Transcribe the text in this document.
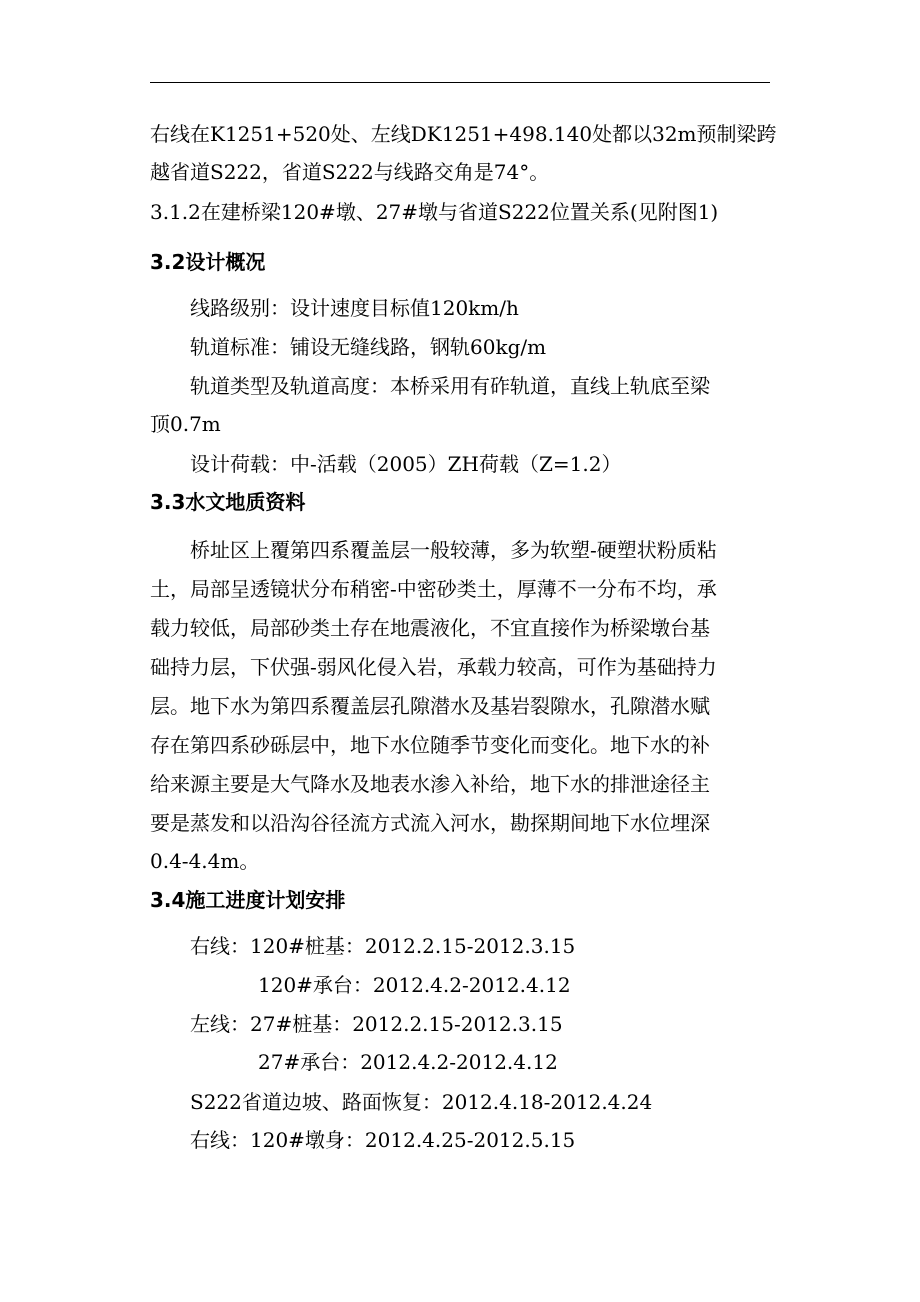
右线在K1251+520处、左线DK1251+498.140处都以32m预制梁跨
越省道S222，省道S222与线路交角是74°。
3.1.2在建桥梁120#墩、27#墩与省道S222位置关系(见附图1)
3.2设计概况
线路级别：设计速度目标值120km/h
轨道标准：铺设无缝线路，钢轨60kg/m
轨道类型及轨道高度：本桥采用有砟轨道，直线上轨底至梁
顶0.7m
设计荷载：中-活载（2005）ZH荷载（Z=1.2）
3.3水文地质资料
桥址区上覆第四系覆盖层一般较薄，多为软塑-硬塑状粉质粘
土，局部呈透镜状分布稍密-中密砂类土，厚薄不一分布不均，承
载力较低，局部砂类土存在地震液化，不宜直接作为桥梁墩台基
础持力层，下伏强-弱风化侵入岩，承载力较高，可作为基础持力
层。地下水为第四系覆盖层孔隙潜水及基岩裂隙水，孔隙潜水赋
存在第四系砂砾层中，地下水位随季节变化而变化。地下水的补
给来源主要是大气降水及地表水渗入补给，地下水的排泄途径主
要是蒸发和以沿沟谷径流方式流入河水，勘探期间地下水位埋深
0.4-4.4m。
3.4施工进度计划安排
右线：120#桩基：2012.2.15-2012.3.15
120#承台：2012.4.2-2012.4.12
左线：27#桩基：2012.2.15-2012.3.15
27#承台：2012.4.2-2012.4.12
S222省道边坡、路面恢复：2012.4.18-2012.4.24
右线：120#墩身：2012.4.25-2012.5.15
